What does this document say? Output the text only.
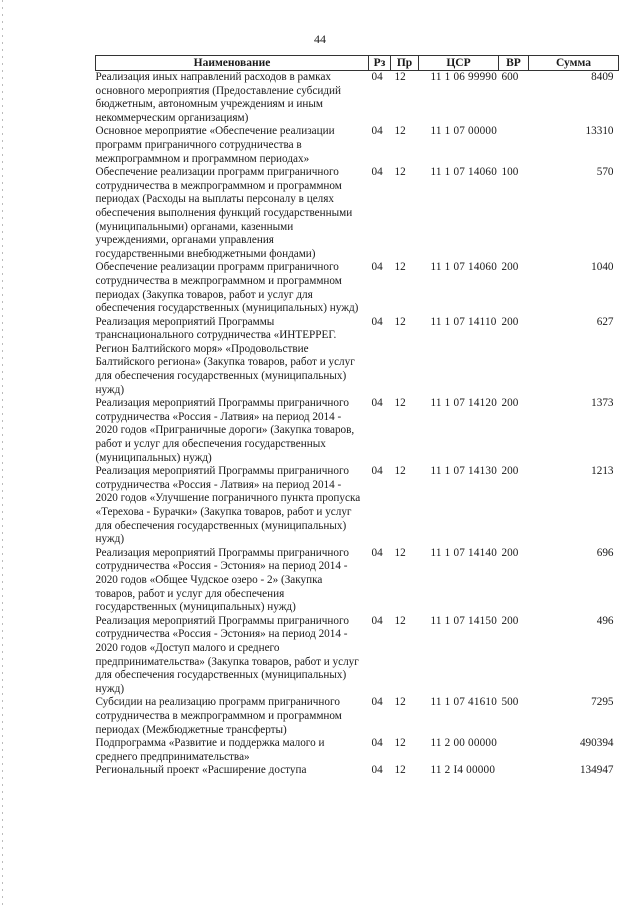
44
Наименование	Рз	Пр	ЦСР	ВР	Сумма
Реализация иных направлений расходов в рамках основного мероприятия (Предоставление субсидий бюджетным, автономным учреждениям и иным некоммерческим организациям)	04	12	11 1 06 99990	600	8409
Основное мероприятие «Обеспечение реализации программ приграничного сотрудничества в межпрограммном и программном периодах»	04	12	11 1 07 00000		13310
Обеспечение реализации программ приграничного сотрудничества в межпрограммном и программном периодах (Расходы на выплаты персоналу в целях обеспечения выполнения функций государственными (муниципальными) органами, казенными учреждениями, органами управления государственными внебюджетными фондами)	04	12	11 1 07 14060	100	570
Обеспечение реализации программ приграничного сотрудничества в межпрограммном и программном периодах (Закупка товаров, работ и услуг для обеспечения государственных (муниципальных) нужд)	04	12	11 1 07 14060	200	1040
Реализация мероприятий Программы транснационального сотрудничества «ИНТЕРРЕГ. Регион Балтийского моря» «Продовольствие Балтийского региона» (Закупка товаров, работ и услуг для обеспечения государственных (муниципальных) нужд)	04	12	11 1 07 14110	200	627
Реализация мероприятий Программы приграничного сотрудничества «Россия - Латвия» на период 2014 - 2020 годов «Приграничные дороги» (Закупка товаров, работ и услуг для обеспечения государственных (муниципальных) нужд)	04	12	11 1 07 14120	200	1373
Реализация мероприятий Программы приграничного сотрудничества «Россия - Латвия» на период 2014 - 2020 годов «Улучшение пограничного пункта пропуска «Терехова - Бурачки» (Закупка товаров, работ и услуг для обеспечения государственных (муниципальных) нужд)	04	12	11 1 07 14130	200	1213
Реализация мероприятий Программы приграничного сотрудничества «Россия - Эстония» на период 2014 - 2020 годов «Общее Чудское озеро - 2» (Закупка товаров, работ и услуг для обеспечения государственных (муниципальных) нужд)	04	12	11 1 07 14140	200	696
Реализация мероприятий Программы приграничного сотрудничества «Россия - Эстония» на период 2014 - 2020 годов «Доступ малого и среднего предпринимательства» (Закупка товаров, работ и услуг для обеспечения государственных (муниципальных) нужд)	04	12	11 1 07 14150	200	496
Субсидии на реализацию программ приграничного сотрудничества в межпрограммном и программном периодах (Межбюджетные трансферты)	04	12	11 1 07 41610	500	7295
Подпрограмма «Развитие и поддержка малого и среднего предпринимательства»	04	12	11 2 00 00000		490394
Региональный проект «Расширение доступа	04	12	11 2 I4 00000		134947
